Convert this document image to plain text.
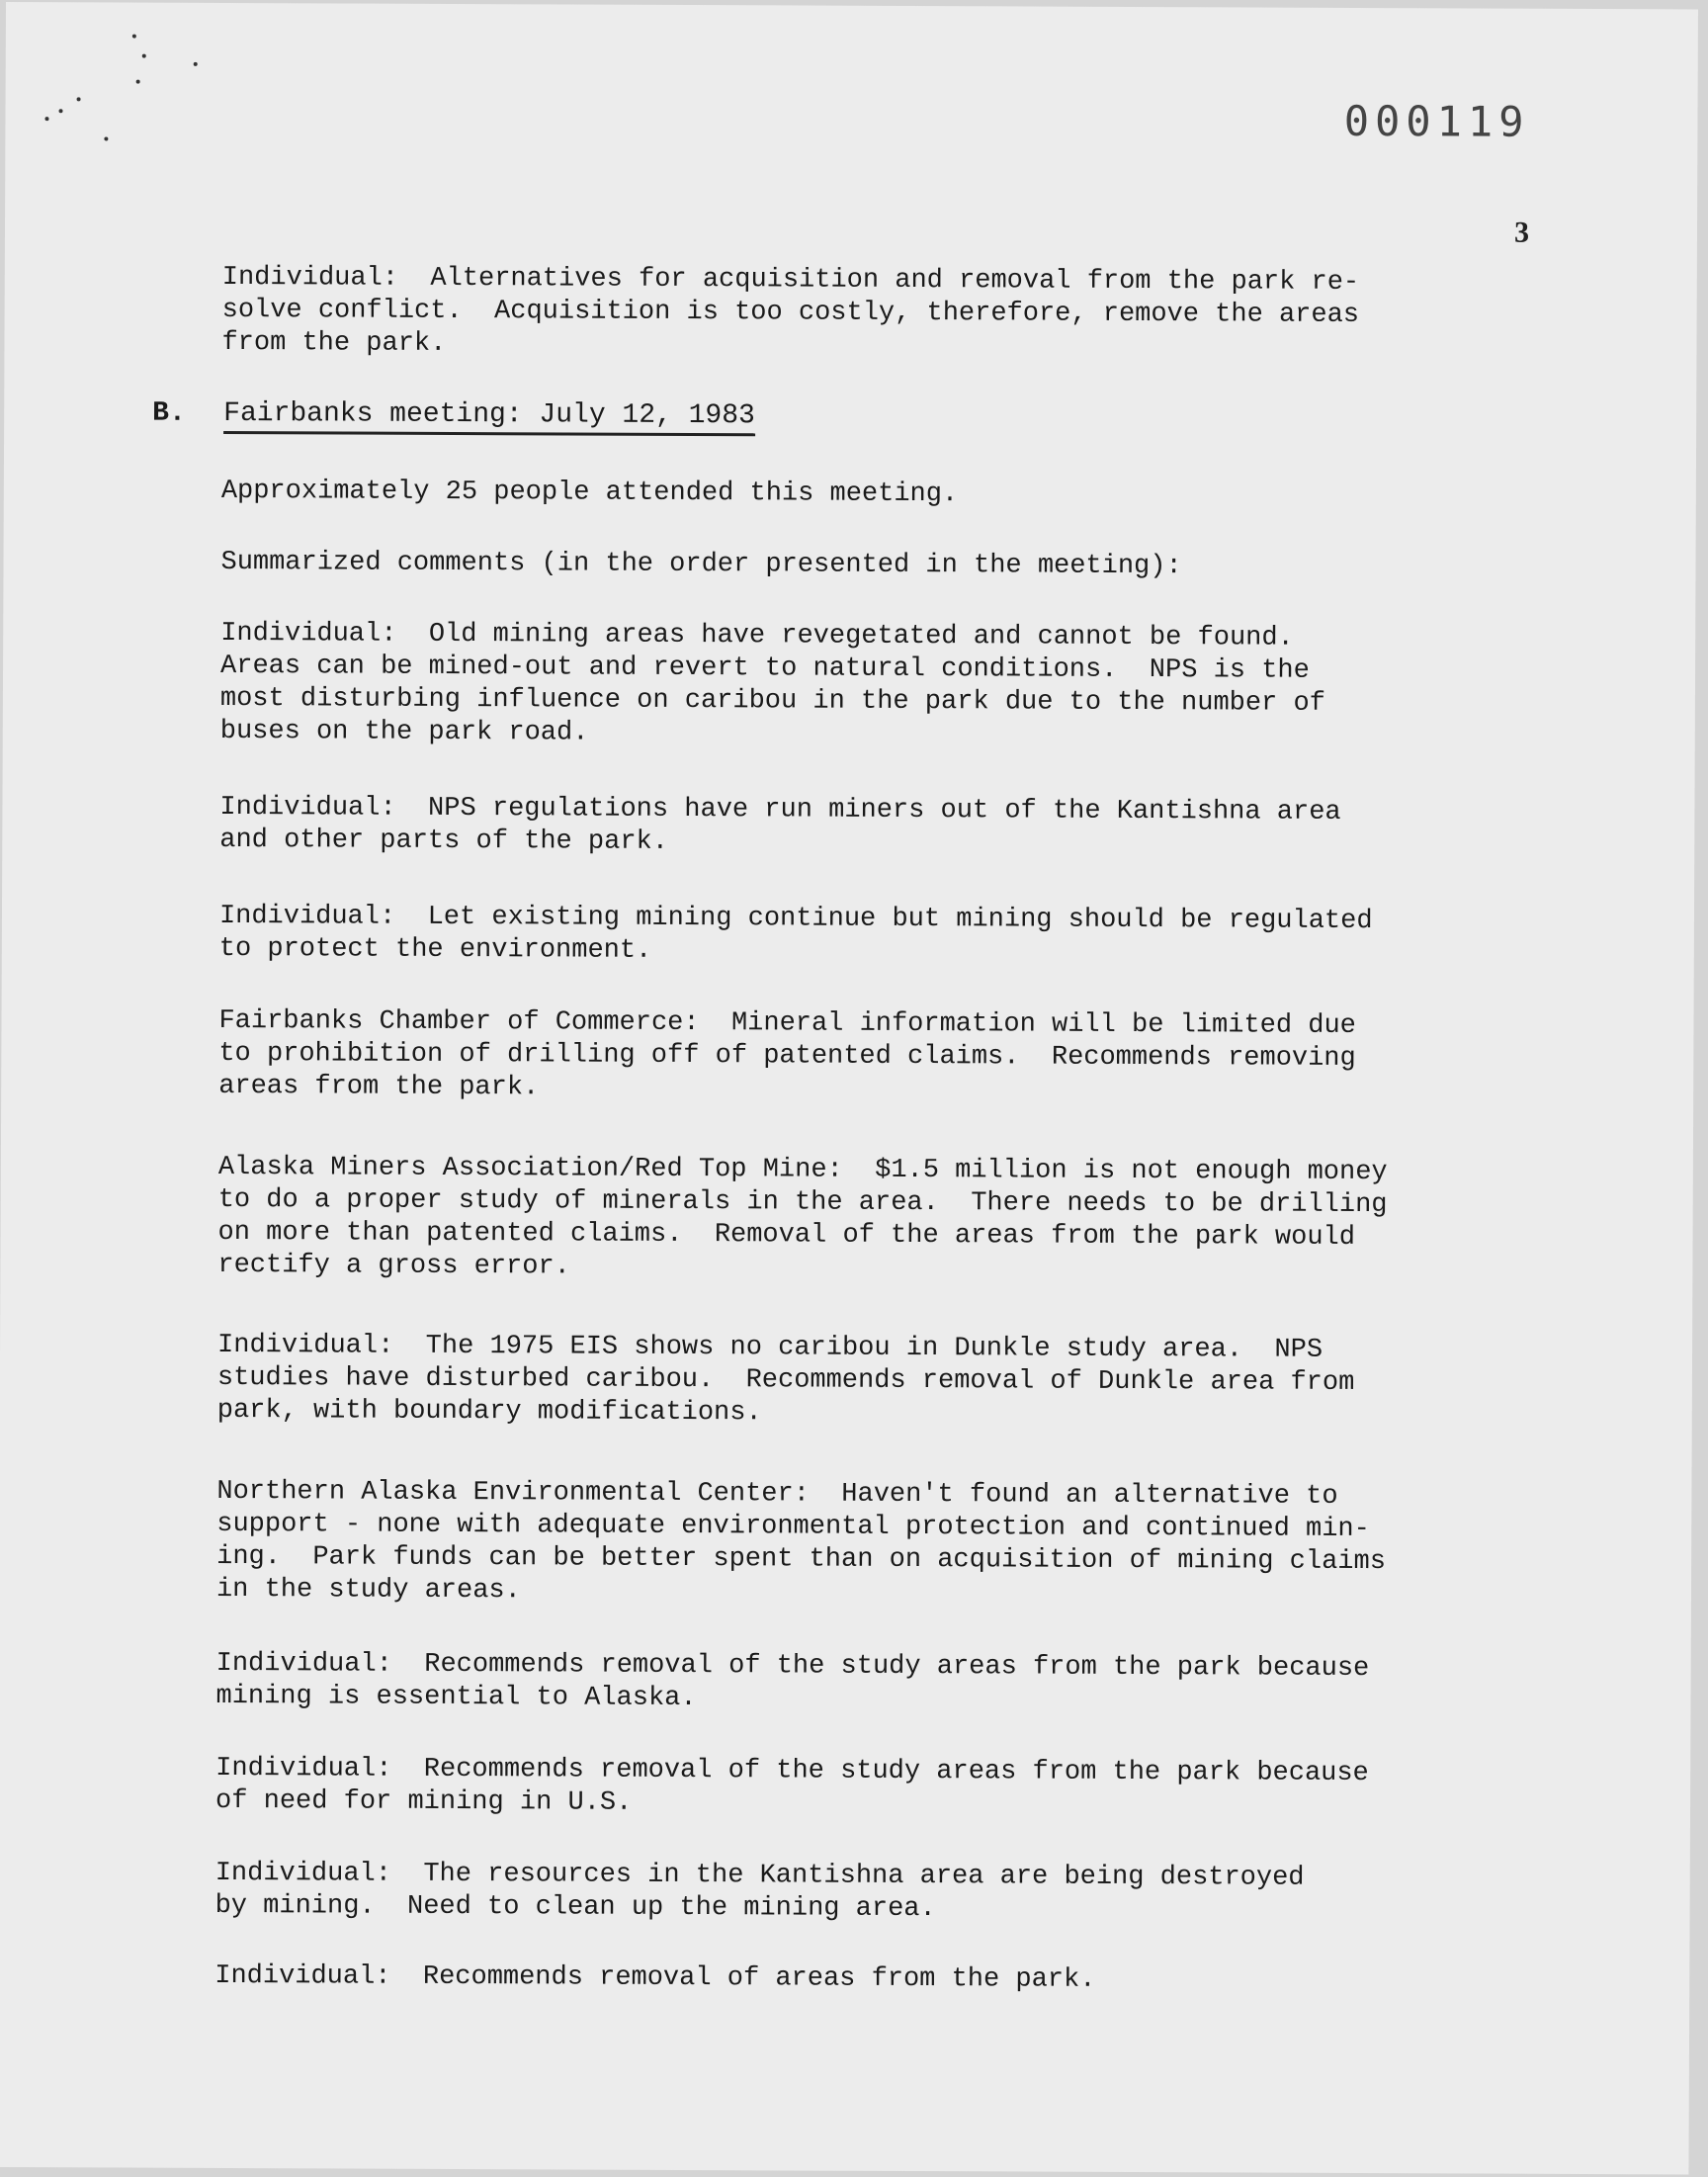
000119
3
Individual:  Alternatives for acquisition and removal from the park re-
solve conflict.  Acquisition is too costly, therefore, remove the areas
from the park.
B. Fairbanks meeting: July 12, 1983
Approximately 25 people attended this meeting.
Summarized comments (in the order presented in the meeting):
Individual:  Old mining areas have revegetated and cannot be found.
Areas can be mined-out and revert to natural conditions.  NPS is the
most disturbing influence on caribou in the park due to the number of
buses on the park road.
Individual:  NPS regulations have run miners out of the Kantishna area
and other parts of the park.
Individual:  Let existing mining continue but mining should be regulated
to protect the environment.
Fairbanks Chamber of Commerce:  Mineral information will be limited due
to prohibition of drilling off of patented claims.  Recommends removing
areas from the park.
Alaska Miners Association/Red Top Mine:  $1.5 million is not enough money
to do a proper study of minerals in the area.  There needs to be drilling
on more than patented claims.  Removal of the areas from the park would
rectify a gross error.
Individual:  The 1975 EIS shows no caribou in Dunkle study area.  NPS
studies have disturbed caribou.  Recommends removal of Dunkle area from
park, with boundary modifications.
Northern Alaska Environmental Center:  Haven't found an alternative to
support - none with adequate environmental protection and continued min-
ing.  Park funds can be better spent than on acquisition of mining claims
in the study areas.
Individual:  Recommends removal of the study areas from the park because
mining is essential to Alaska.
Individual:  Recommends removal of the study areas from the park because
of need for mining in U.S.
Individual:  The resources in the Kantishna area are being destroyed
by mining.  Need to clean up the mining area.
Individual:  Recommends removal of areas from the park.
